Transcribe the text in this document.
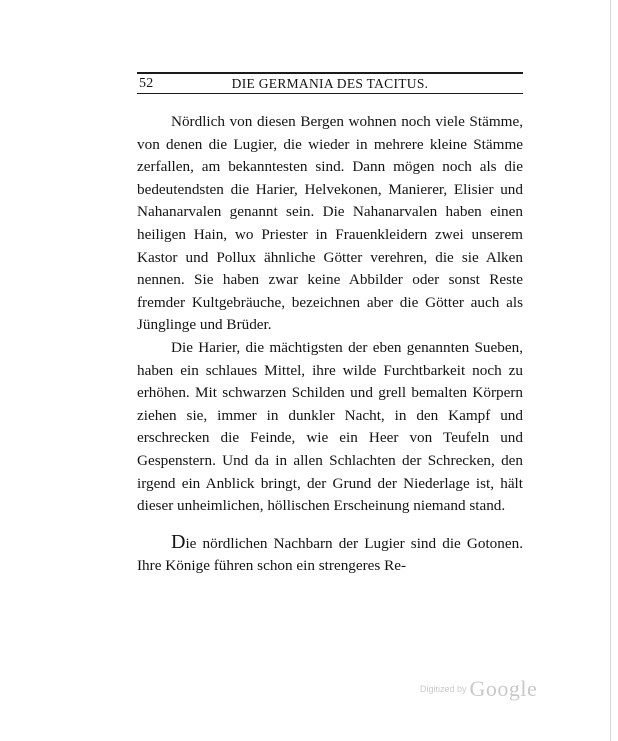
52	DIE GERMANIA DES TACITUS.

Nördlich von diesen Bergen wohnen noch viele Stämme, von denen die Lugier, die wieder in mehrere kleine Stämme zerfallen, am bekanntesten sind. Dann mögen noch als die bedeutendsten die Harier, Helvekonen, Manierer, Elisier und Nahanarvalen genannt sein. Die Nahanarvalen haben einen heiligen Hain, wo Priester in Frauenkleidern zwei unserem Kastor und Pollux ähnliche Götter verehren, die sie Alken nennen. Sie haben zwar keine Abbilder oder sonst Reste fremder Kultgebräuche, bezeichnen aber die Götter auch als Jünglinge und Brüder.

Die Harier, die mächtigsten der eben genannten Sueben, haben ein schlaues Mittel, ihre wilde Furchtbarkeit noch zu erhöhen. Mit schwarzen Schilden und grell bemalten Körpern ziehen sie, immer in dunkler Nacht, in den Kampf und erschrecken die Feinde, wie ein Heer von Teufeln und Gespenstern. Und da in allen Schlachten der Schrecken, den irgend ein Anblick bringt, der Grund der Niederlage ist, hält dieser unheimlichen, höllischen Erscheinung niemand stand.

Die nördlichen Nachbarn der Lugier sind die Gotonen. Ihre Könige führen schon ein strengeres Re-

Digitized by Google
